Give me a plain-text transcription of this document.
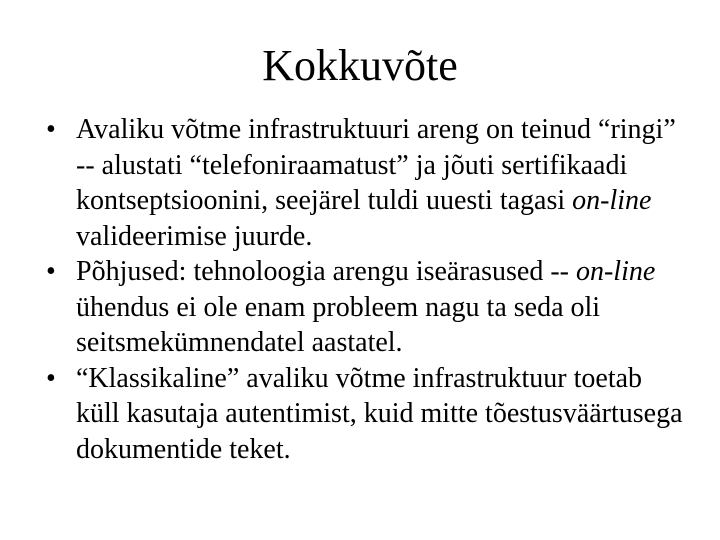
Kokkuvõte
• Avaliku võtme infrastruktuuri areng on teinud “ringi” -- alustati “telefoniraamatust” ja jõuti sertifikaadi kontseptsioonini, seejärel tuldi uuesti tagasi on-line valideerimise juurde.
• Põhjused: tehnoloogia arengu iseärasused -- on-line ühendus ei ole enam probleem nagu ta seda oli seitsmekümnendatel aastatel.
• “Klassikaline” avaliku võtme infrastruktuur toetab küll kasutaja autentimist, kuid mitte tõestusväärtusega dokumentide teket.
